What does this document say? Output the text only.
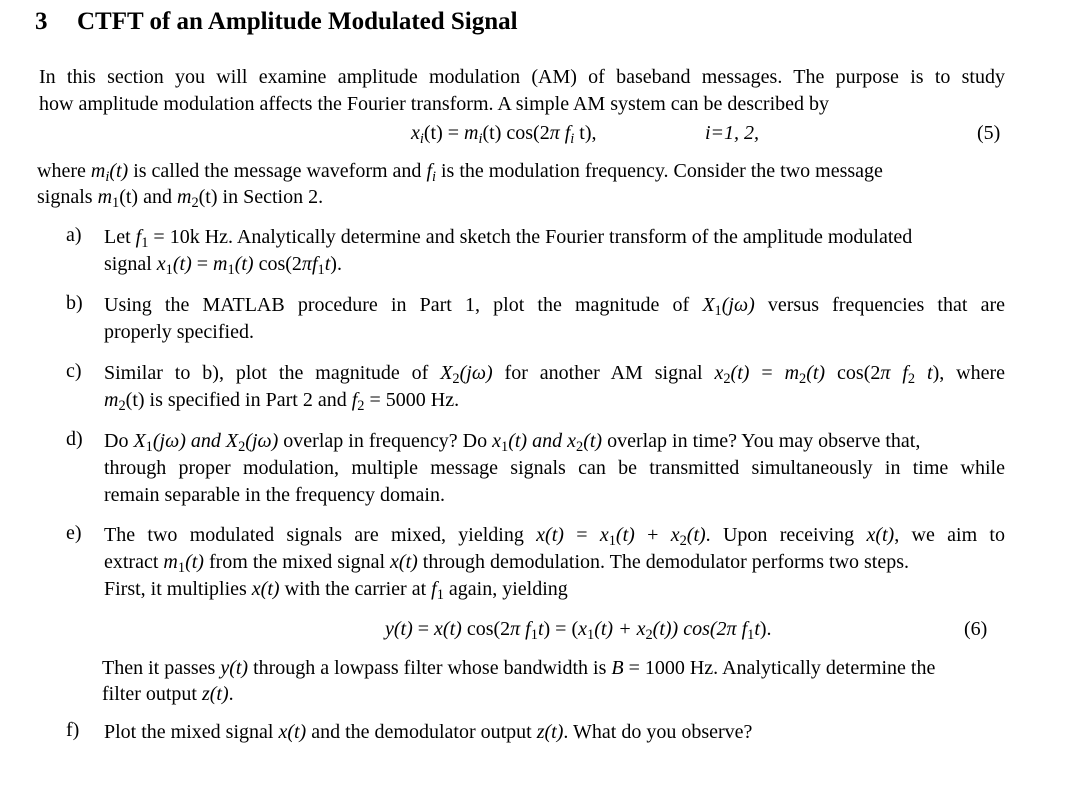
3 CTFT of an Amplitude Modulated Signal
In this section you will examine amplitude modulation (AM) of baseband messages. The purpose is to study
how amplitude modulation affects the Fourier transform. A simple AM system can be described by
$x_i(t) = m_i(t)$ cos(2π $f_i$ t),	i=1, 2,	(5)
where $m_i(t)$ is called the message waveform and $f_i$ is the modulation frequency. Consider the two message
signals $m_1(t)$ and $m_2(t)$ in Section 2.
a) Let $f_1 = 10k$ Hz. Analytically determine and sketch the Fourier transform of the amplitude modulated
signal $x_1(t) = m_1(t)$ $\cos(2\pi f_1t)$.
b) Using the MATLAB procedure in Part 1, plot the magnitude of $X_1(j\omega)$ versus frequencies that are
properly specified.
c) Similar to b), plot the magnitude of $X_2(j\omega)$ for another AM signal $x_2(t) = m_2(t)$ cos(2π $f_2$ t), where
$m_2(t)$ is specified in Part 2 and $f_2 = 5000$ Hz.
d) Do $X_1(j\omega)$ and $X_2(j\omega)$ overlap in frequency? Do $x_1(t)$ and $x_2(t)$ overlap in time? You may observe that,
through proper modulation, multiple message signals can be transmitted simultaneously in time while
remain separable in the frequency domain.
e) The two modulated signals are mixed, yielding $x(t) = x_1(t) + x_2(t)$. Upon receiving x(t), we aim to
extract $m_1(t)$ from the mixed signal x(t) through demodulation. The demodulator performs two steps.
First, it multiplies x(t) with the carrier at $f_1$ again, yielding
y(t) = x(t) cos(2π $f_1t) = (x_1(t) + x_2(t))$ cos(2π $f_1t$).	(6)
Then it passes y(t) through a lowpass filter whose bandwidth is B = 1000 Hz. Analytically determine the
filter output z(t).
f) Plot the mixed signal x(t) and the demodulator output z(t). What do you observe?
